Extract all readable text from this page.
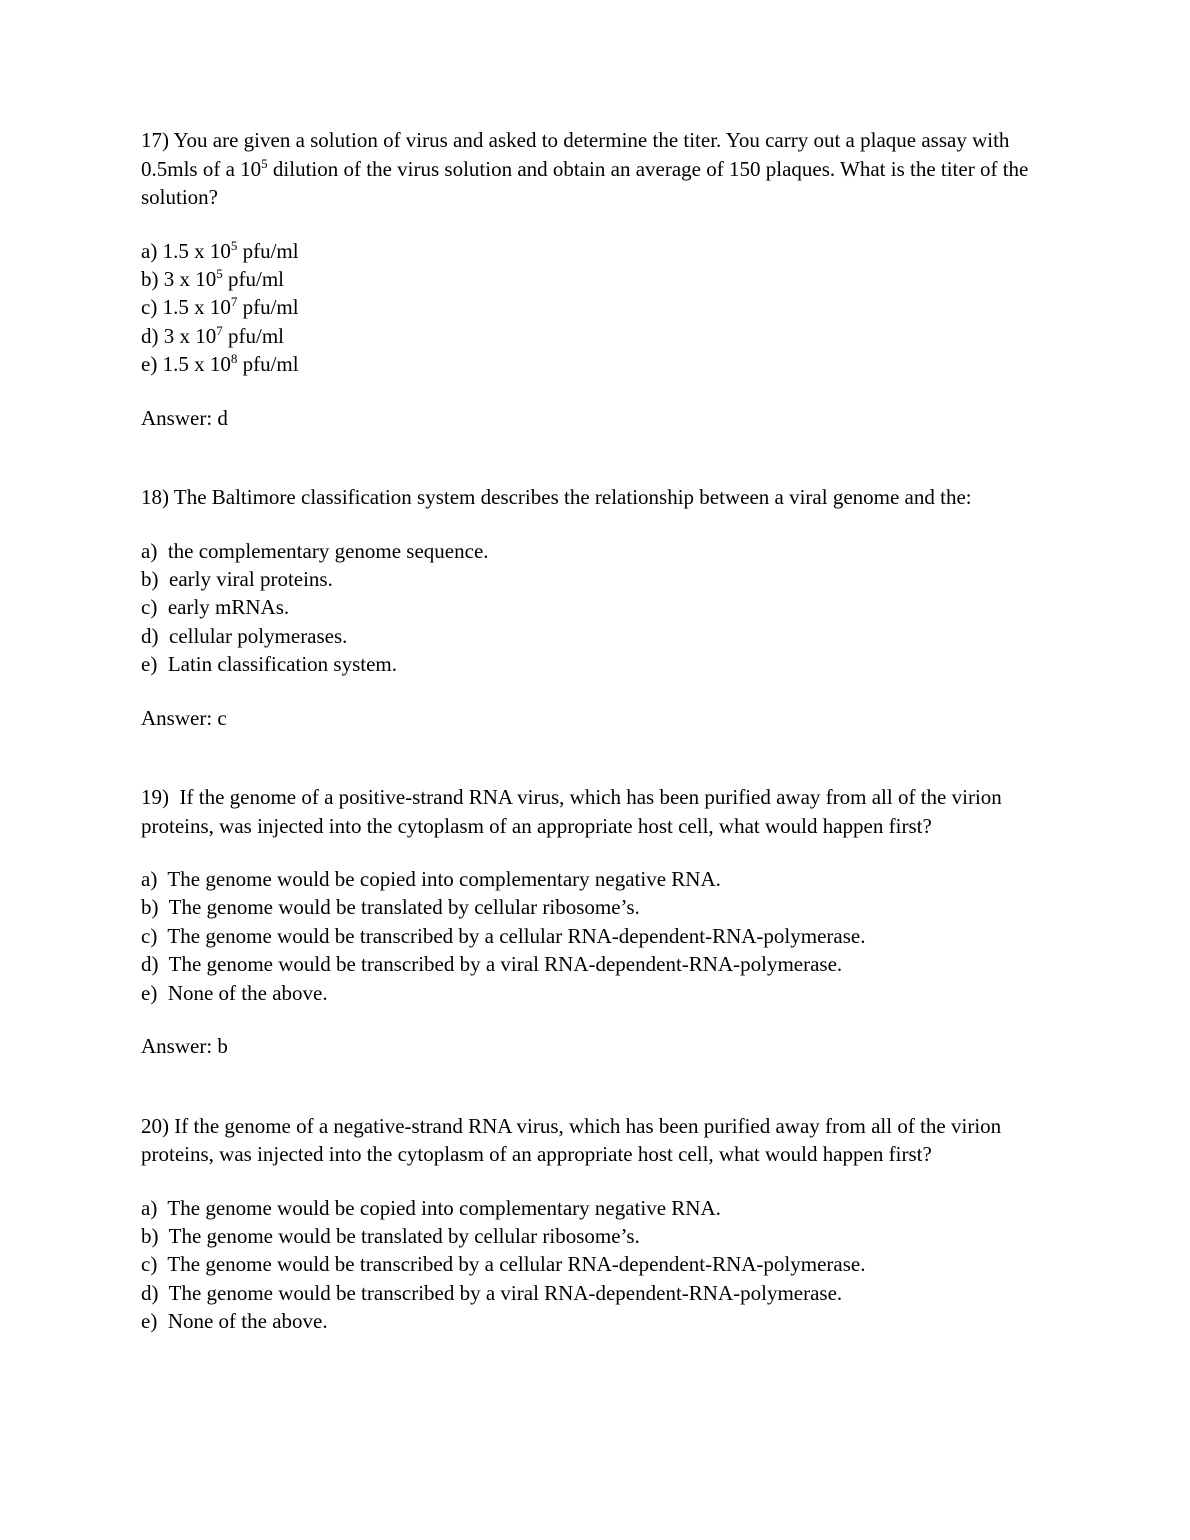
17) You are given a solution of virus and asked to determine the titer. You carry out a plaque assay with 0.5mls of a $10^5$ dilution of the virus solution and obtain an average of 150 plaques. What is the titer of the solution?

a) 1.5 x $10^5$ pfu/ml

b) 3 x $10^5$ pfu/ml

c) 1.5 x $10^7$ pfu/ml

d) 3 x $10^7$ pfu/ml

e) 1.5 x $10^8$ pfu/ml

Answer: d

18) The Baltimore classification system describes the relationship between a viral genome and the:

a)  the complementary genome sequence.

b)  early viral proteins.

c)  early mRNAs.

d)  cellular polymerases.

e)  Latin classification system.

Answer: c

19)  If the genome of a positive-strand RNA virus, which has been purified away from all of the virion proteins, was injected into the cytoplasm of an appropriate host cell, what would happen first?

a)  The genome would be copied into complementary negative RNA.

b)  The genome would be translated by cellular ribosome’s.

c)  The genome would be transcribed by a cellular RNA-dependent-RNA-polymerase.

d)  The genome would be transcribed by a viral RNA-dependent-RNA-polymerase.

e)  None of the above.

Answer: b

20) If the genome of a negative-strand RNA virus, which has been purified away from all of the virion proteins, was injected into the cytoplasm of an appropriate host cell, what would happen first?

a)  The genome would be copied into complementary negative RNA.

b)  The genome would be translated by cellular ribosome’s.

c)  The genome would be transcribed by a cellular RNA-dependent-RNA-polymerase.

d)  The genome would be transcribed by a viral RNA-dependent-RNA-polymerase.

e)  None of the above.
